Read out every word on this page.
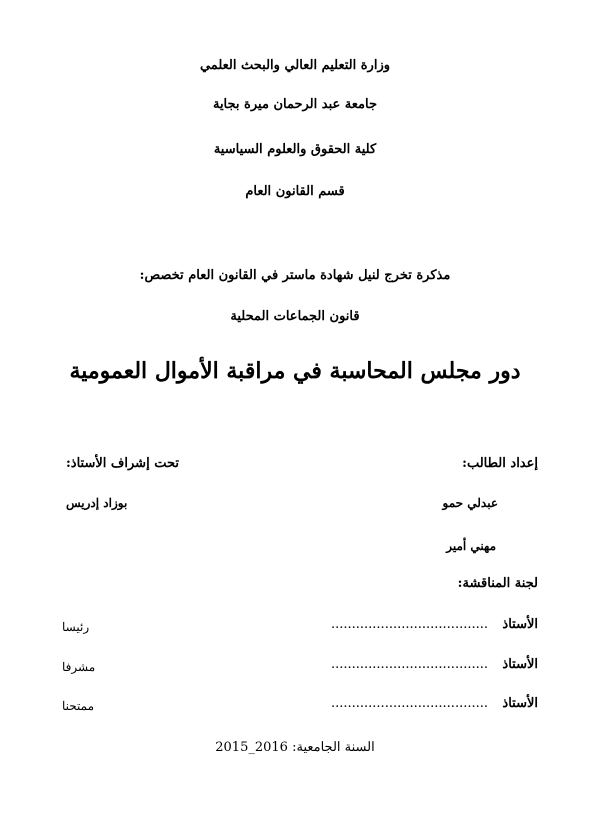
وزارة التعليم العالي والبحث العلمي
جامعة عبد الرحمان ميرة بجاية
كلية الحقوق والعلوم السياسية
قسم القانون العام
مذكرة تخرج لنيل شهادة ماستر في القانون العام تخصص:
قانون الجماعات المحلية
دور مجلس المحاسبة في مراقبة الأموال العمومية
إعداد الطالب:
عبدلي حمو
مهني أمير
تحت إشراف الأستاذ:
بوزاد إدريس
لجنة المناقشة:
الأستاذ
......................................
رئيسا
الأستاذ
......................................
مشرفا
الأستاذ
......................................
ممتحنا
السنة الجامعية: 2016_2015
